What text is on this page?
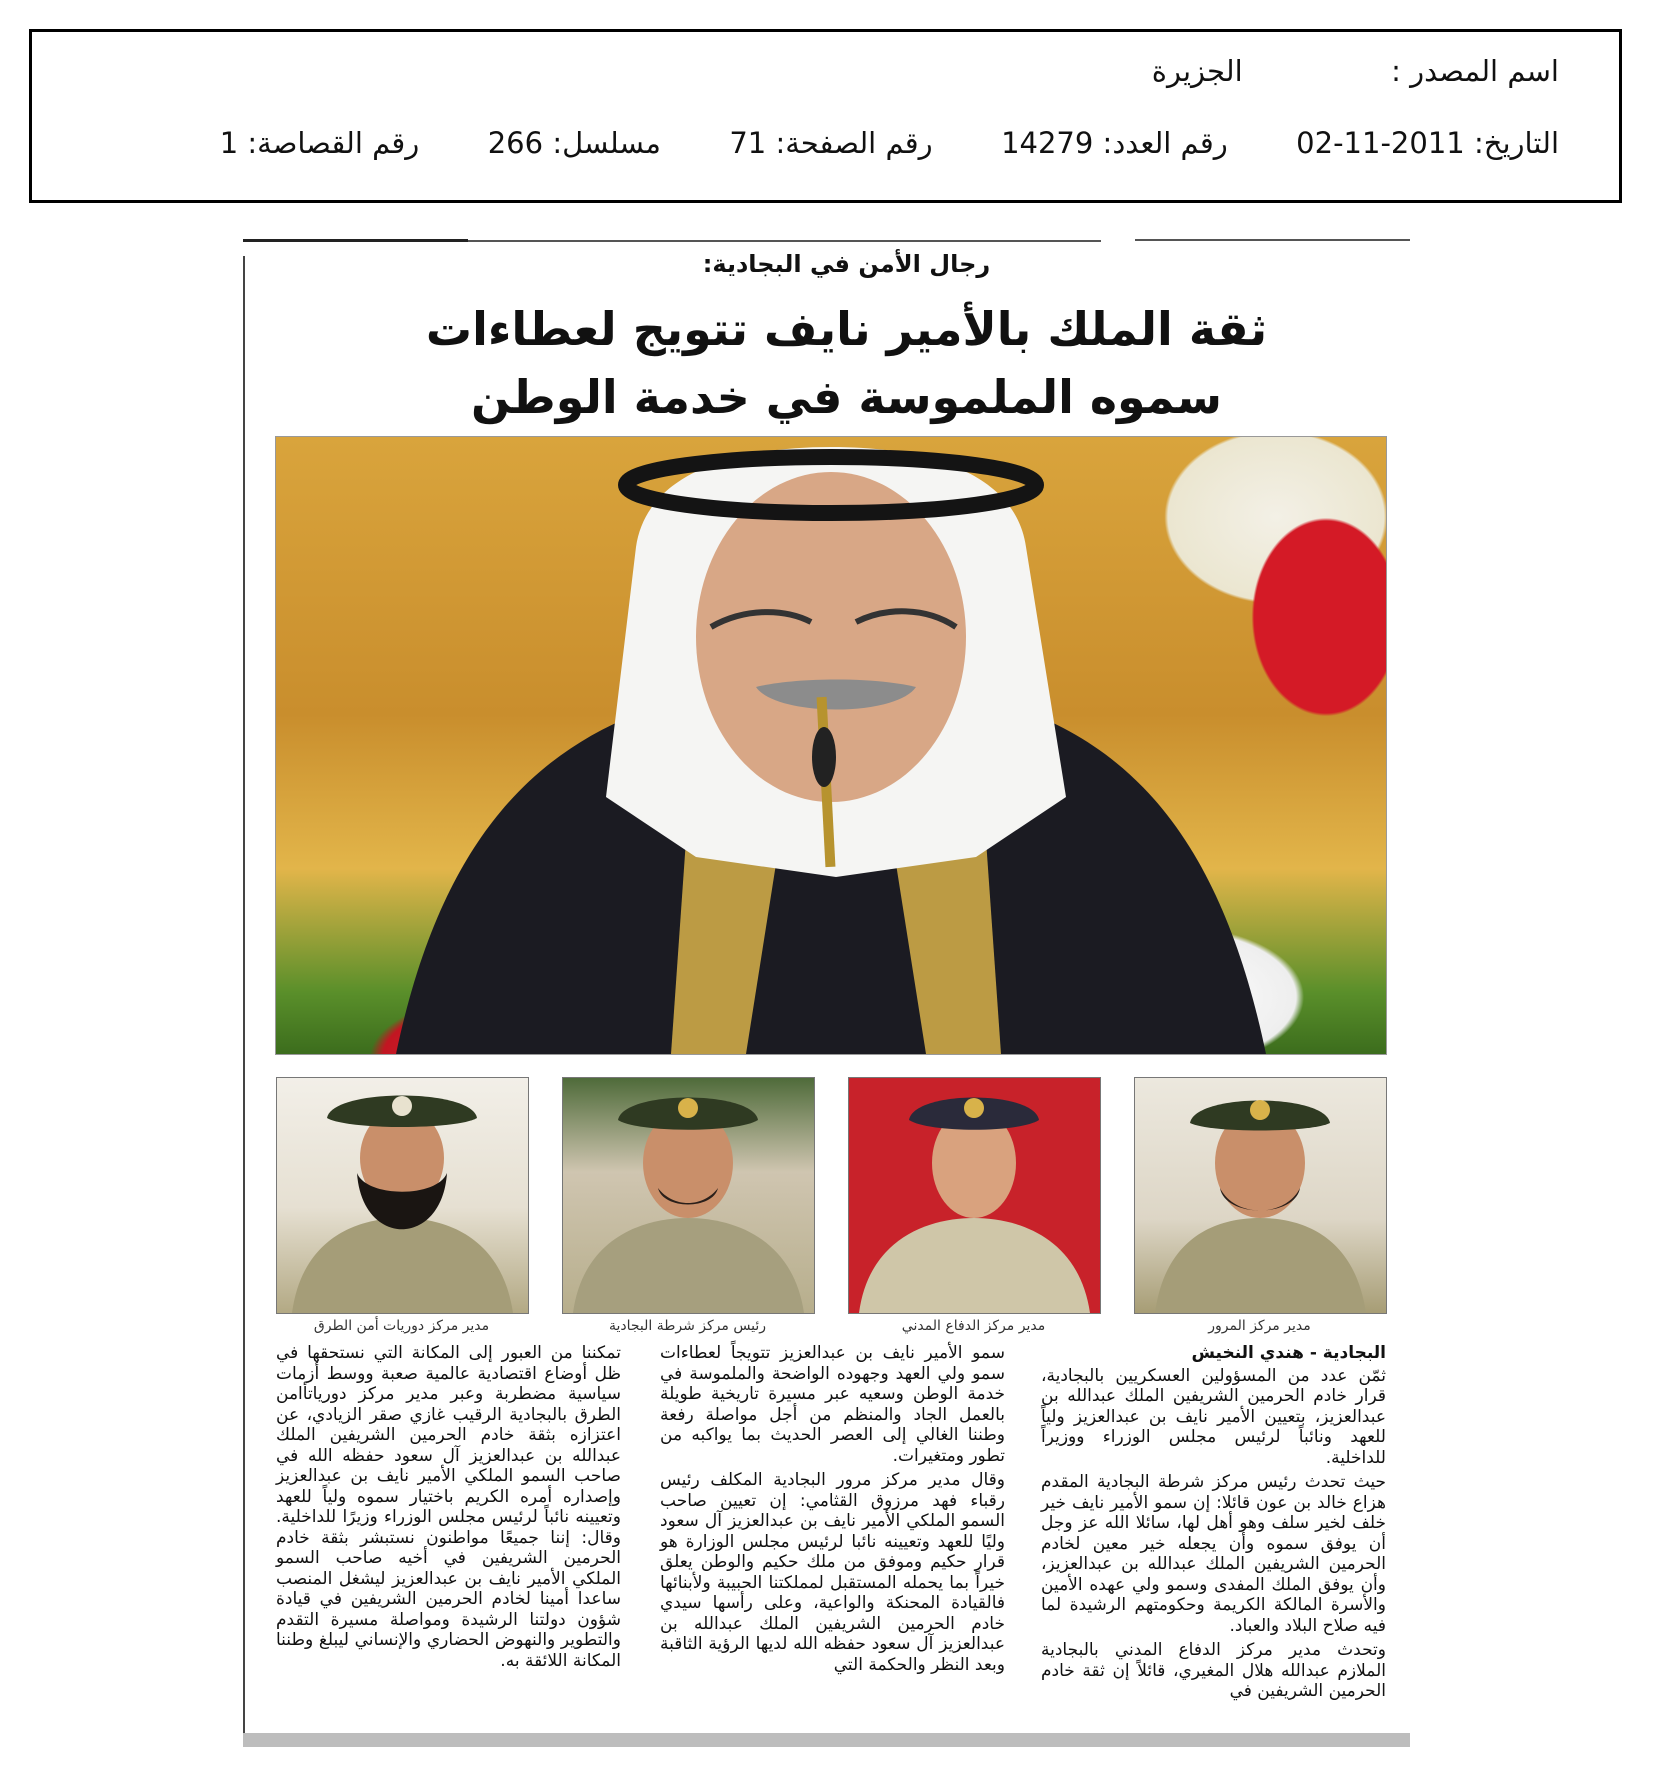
اسم المصدر :  الجزيرة
التاريخ: 2011-11-02  رقم العدد: 14279  رقم الصفحة: 71  مسلسل: 266  رقم القصاصة: 1
رجال الأمن في البجادية:
ثقة الملك بالأمير نايف تتويج لعطاءات
سموه الملموسة في خدمة الوطن
مدير مركز المرور
مدير مركز الدفاع المدني
رئيس مركز شرطة البجادية
مدير مركز دوريات أمن الطرق
البجادية - هندي النخيش

ثمّن عدد من المسؤولين العسكريين بالبجادية، قرار خادم الحرمين الشريفين الملك عبدالله بن عبدالعزيز، بتعيين الأمير نايف بن عبدالعزيز ولياً للعهد ونائباً لرئيس مجلس الوزراء ووزيراً للداخلية.

حيث تحدث رئيس مركز شرطة البجادية المقدم هزاع خالد بن عون قائلا: إن سمو الأمير نايف خير خلف لخير سلف وهو أهل لها، سائلا الله عز وجل أن يوفق سموه وأن يجعله خير معين لخادم الحرمين الشريفين الملك عبدالله بن عبدالعزيز، وأن يوفق الملك المفدى وسمو ولي عهده الأمين والأسرة المالكة الكريمة وحكومتهم الرشيدة لما فيه صلاح البلاد والعباد.

وتحدث مدير مركز الدفاع المدني بالبجادية الملازم عبدالله هلال المغيري، قائلاً إن ثقة خادم الحرمين الشريفين في

سمو الأمير نايف بن عبدالعزيز تتويجاً لعطاءات سمو ولي العهد وجهوده الواضحة والملموسة في خدمة الوطن وسعيه عبر مسيرة تاريخية طويلة بالعمل الجاد والمنظم من أجل مواصلة رفعة وطننا الغالي إلى العصر الحديث بما يواكبه من تطور ومتغيرات.

وقال مدير مركز مرور البجادية المكلف رئيس رقباء فهد مرزوق القثامي: إن تعيين صاحب السمو الملكي الأمير نايف بن عبدالعزيز آل سعود وليًا للعهد وتعيينه نائبا لرئيس مجلس الوزارة هو قرار حكيم وموفق من ملك حكيم والوطن يعلق خيراً بما يحمله المستقبل لمملكتنا الحبيبة ولأبنائها فالقيادة المحنكة والواعية، وعلى رأسها سيدي خادم الحرمين الشريفين الملك عبدالله بن عبدالعزيز آل سعود حفظه الله لديها الرؤية الثاقبة وبعد النظر والحكمة التي

تمكننا من العبور إلى المكانة التي نستحقها في ظل أوضاع اقتصادية عالمية صعبة ووسط أزمات سياسية مضطربة وعبر مدير مركز دورياتأامن الطرق بالبجادية الرقيب غازي صقر الزيادي، عن اعتزازه بثقة خادم الحرمين الشريفين الملك عبدالله بن عبدالعزيز آل سعود حفظه الله في صاحب السمو الملكي الأمير نايف بن عبدالعزيز وإصداره أمره الكريم باختيار سموه ولياً للعهد وتعيينه نائباً لرئيس مجلس الوزراء وزيرًا للداخلية. وقال: إننا جميعًا مواطنون نستبشر بثقة خادم الحرمين الشريفين في أخيه صاحب السمو الملكي الأمير نايف بن عبدالعزيز ليشغل المنصب ساعدا أمينا لخادم الحرمين الشريفين في قيادة شؤون دولتنا الرشيدة ومواصلة مسيرة التقدم والتطوير والنهوض الحضاري والإنساني ليبلغ وطننا المكانة اللائقة به.
